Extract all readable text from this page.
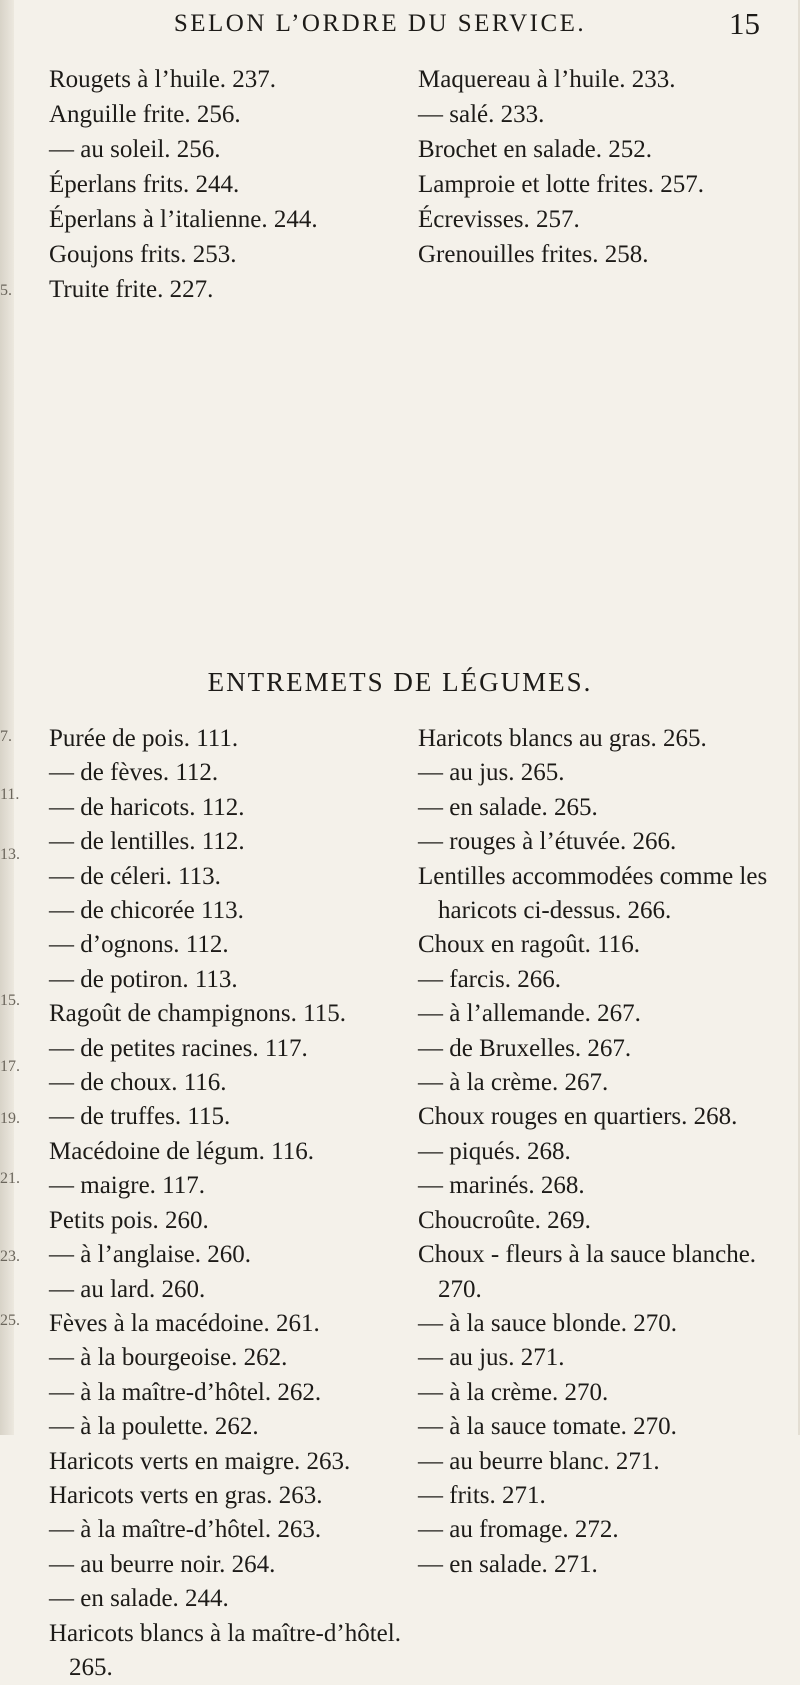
SELON L’ORDRE DU SERVICE.	15

Rougets à l’huile. 237.

Anguille frite. 256.

— au soleil. 256.

Éperlans frits. 244.

Éperlans à l’italienne. 244.

Goujons frits. 253.

Truite frite. 227.

Maquereau à l’huile. 233.

— salé. 233.

Brochet en salade. 252.

Lamproie et lotte frites. 257.

Écrevisses. 257.

Grenouilles frites. 258.

ENTREMETS DE LÉGUMES.

Purée de pois. 111.

— de fèves. 112.

— de haricots. 112.

— de lentilles. 112.

— de céleri. 113.

— de chicorée 113.

— d’ognons. 112.

— de potiron. 113.

Ragoût de champignons. 115.

— de petites racines. 117.

— de choux. 116.

— de truffes. 115.

Macédoine de légum. 116.

— maigre. 117.

Petits pois. 260.

— à l’anglaise. 260.

— au lard. 260.

Fèves à la macédoine. 261.

— à la bourgeoise. 262.

— à la maître-d’hôtel. 262.

— à la poulette. 262.

Haricots verts en maigre. 263.

Haricots verts en gras. 263.

— à la maître-d’hôtel. 263.

— au beurre noir. 264.

— en salade. 244.

Haricots blancs à la maître-d’hôtel. 265.

Haricots blancs au gras. 265.

— au jus. 265.

— en salade. 265.

— rouges à l’étuvée. 266.

Lentilles accommodées comme les haricots ci-dessus. 266.

Choux en ragoût. 116.

— farcis. 266.

— à l’allemande. 267.

— de Bruxelles. 267.

— à la crème. 267.

Choux rouges en quartiers. 268.

— piqués. 268.

— marinés. 268.

Choucroûte. 269.

Choux - fleurs à la sauce blanche. 270.

— à la sauce blonde. 270.

— au jus. 271.

— à la crème. 270.

— à la sauce tomate. 270.

— au beurre blanc. 271.

— frits. 271.

— au fromage. 272.

— en salade. 271.

5.
7.
11.
13.
15.
17.
19.
21.
23.
25.
